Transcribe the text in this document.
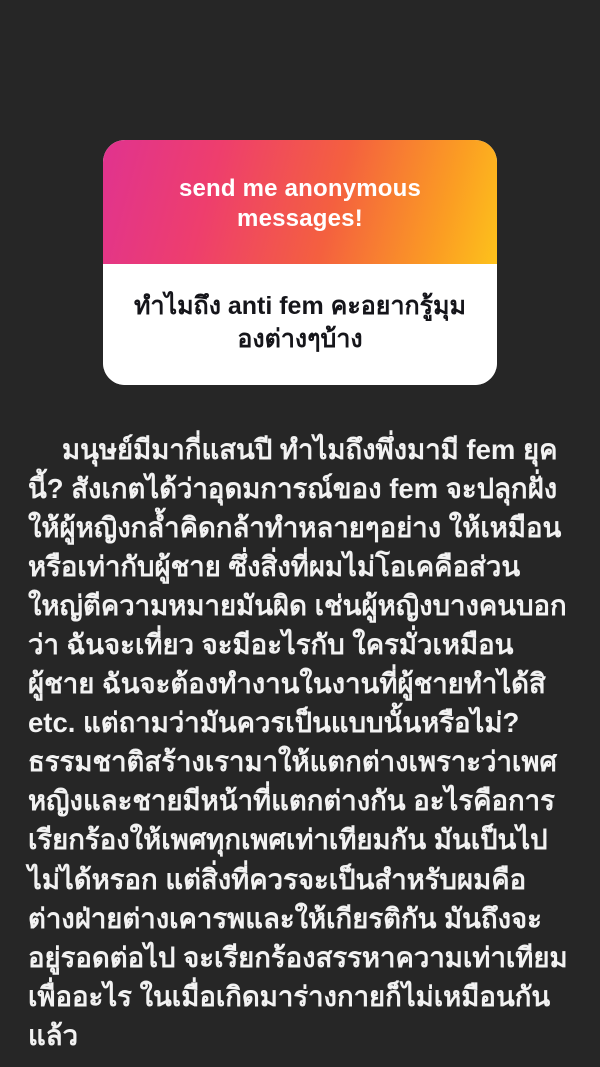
send me anonymous messages!
ทำไมถึง anti fem คะอยากรู้มุมองต่างๆบ้าง
มนุษย์มีมากี่แสนปี ทำไมถึงพึ่งมามี fem ยุคนี้? สังเกตได้ว่าอุดมการณ์ของ fem จะปลุกฝั่งให้ผู้หญิงกล้ำคิดกล้าทำหลายๆอย่าง ให้เหมือนหรือเท่ากับผู้ชาย ซึ่งสิ่งที่ผมไม่โอเคคือส่วนใหญ่ตีความหมายมันผิด เช่นผู้หญิงบางคนบอกว่า ฉันจะเที่ยว จะมีอะไรกับ ใครมั่วเหมือนผู้ชาย ฉันจะต้องทำงานในงานที่ผู้ชายทำได้สิ etc. แต่ถามว่ามันควรเป็นแบบนั้นหรือไม่? ธรรมชาติสร้างเรามาให้แตกต่างเพราะว่าเพศหญิงและชายมีหน้าที่แตกต่างกัน อะไรคือการเรียกร้องให้เพศทุกเพศเท่าเทียมกัน มันเป็นไปไม่ได้หรอก แต่สิ่งที่ควรจะเป็นสำหรับผมคือ ต่างฝ่ายต่างเคารพและให้เกียรติกัน มันถึงจะอยู่รอดต่อไป จะเรียกร้องสรรหาความเท่าเทียมเพื่ออะไร ในเมื่อเกิดมาร่างกายก็ไม่เหมือนกันแล้ว
